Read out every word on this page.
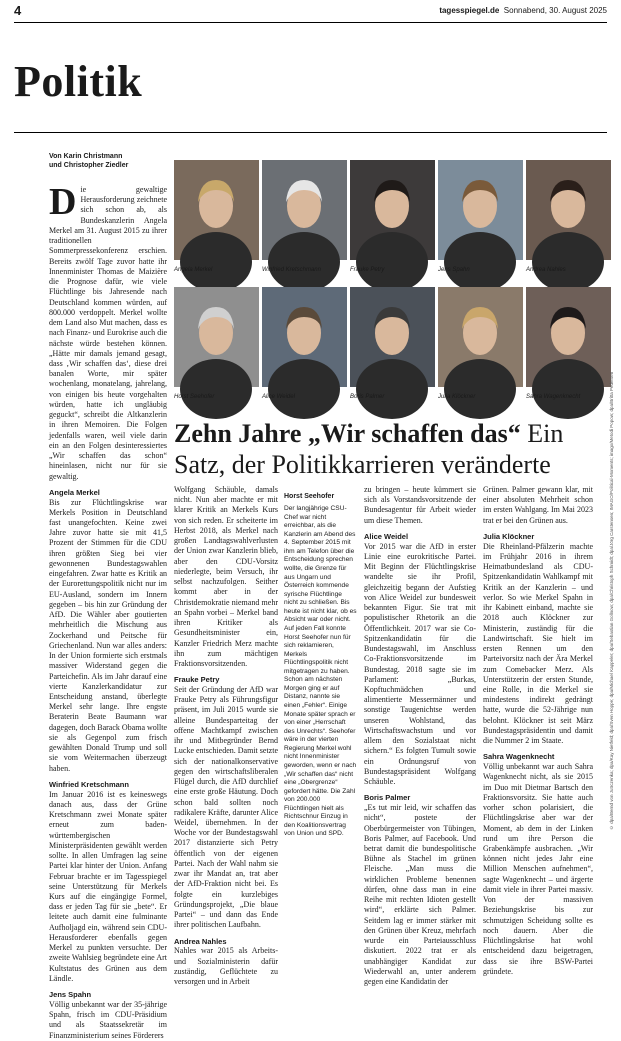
4	tagesspiegel.de Sonnabend, 30. August 2025
Politik
Von Karin Christmann
und Christopher Ziedler

Die gewaltige Herausforderung zeichnete sich schon ab, als Bundeskanzlerin Angela Merkel am 31. August 2015 zu ihrer traditionellen Sommerpressekonferenz erschien. Bereits zwölf Tage zuvor hatte ihr Innenminister Thomas de Maizière die Prognose dafür, wie viele Flüchtlinge bis Jahresende nach Deutschland kommen würden, auf 800.000 verdoppelt. Merkel wollte dem Land also Mut machen, dass es nach Finanz- und Eurokrise auch die nächste würde bestehen können. „Hätte mir damals jemand gesagt, dass ‚Wir schaffen das‘, diese drei banalen Worte, mir später wochenlang, monatelang, jahrelang, von einigen bis heute vorgehalten würden, hatte ich ungläubig geguckt“, schreibt die Altkanzlerin in ihren Memoiren. Die Folgen jedenfalls waren, weil viele darin ein an den Folgen desinteressiertes „Wir schaffen das schon“ hineinlasen, nicht nur für sie gewaltig.

Angela Merkel

Bis zur Flüchtlingskrise war Merkels Position in Deutschland fast unangefochten. Keine zwei Jahre zuvor hatte sie mit 41,5 Prozent der Stimmen für die CDU ihren größten Sieg bei vier gewonnenen Bundestagswahlen eingefahren. Zwar hatte es Kritik an der Eurorettungspolitik nicht nur im EU-Ausland, sondern im Innern gegeben – bis hin zur Gründung der AfD. Die Wähler aber goutierten mehrheitlich die Mischung aus Zockerhand und Peitsche für Griechenland. Nun war alles anders: In der Union formierte sich erstmals massiver Widerstand gegen die Parteichefin. Als im Jahr darauf eine vierte Kanzlerkandidatur zur Entscheidung anstand, überlegte Merkel sehr lange. Ihre engste Beraterin Beate Baumann war dagegen, doch Barack Obama wollte sie als Gegenpol zum frisch gewählten Donald Trump und soll sie vom Weitermachen überzeugt haben.

Winfried Kretschmann

Im Januar 2016 ist es keineswegs danach aus, dass der Grüne Kretschmann zwei Monate später erneut zum baden-württembergischen Ministerpräsidenten gewählt werden sollte. In allen Umfragen lag seine Partei klar hinter der Union. Anfang Februar brachte er im Tagesspiegel seine Unterstützung für Merkels Kurs auf die eingängige Formel, dass er jeden Tag für sie „bete“. Er leitete auch damit eine fulminante Aufholjagd ein, während sein CDU-Herausforderer ebenfalls gegen Merkel zu punkten versuchte. Der zweite Wahlsieg begründete eine Art Kultstatus des Grünen aus dem Ländle.

Jens Spahn

Völlig unbekannt war der 35-jährige Spahn, frisch im CDU-Präsidium und als Staatssekretär im Finanzministerium seines Förderers

Angela Merkel	Winfried Kretschmann	Frauke Petry	Jens Spahn	Andrea Nahles
Horst Seehofer	Alice Weidel	Boris Palmer	Julia Klöckner	Sahra Wagenknecht
Zehn Jahre „Wir schaffen das“ Ein Satz, der Politikkarrieren veränderte

Wolfgang Schäuble, damals nicht. Nun aber machte er mit klarer Kritik an Merkels Kurs von sich reden. Er scheiterte im Herbst 2018, als Merkel nach großen Landtagswahlverlusten der Union zwar Kanzlerin blieb, aber den CDU-Vorsitz niederlegte, beim Versuch, ihr selbst nachzufolgen. Seither kommt aber in der Christdemokratie niemand mehr an Spahn vorbei – Merkel band ihren Kritiker als Gesundheitsminister ein, Kanzler Friedrich Merz machte ihn zum mächtigen Fraktionsvorsitzenden.

Frauke Petry

Seit der Gründung der AfD war Frauke Petry als Führungsfigur präsent, im Juli 2015 wurde sie alleine Bundesparteitag der offene Machtkampf zwischen ihr und Mitbegründer Bernd Lucke entschieden. Damit setzte sich der nationalkonservative gegen den wirtschaftsliberalen Flügel durch, die AfD durchlief eine erste große Häutung. Doch schon bald sollten noch radikalere Kräfte, darunter Alice Weidel, übernehmen. In der Woche vor der Bundestagswahl 2017 distanzierte sich Petry öffentlich von der eigenen Partei. Nach der Wahl nahm sie zwar ihr Mandat an, trat aber der AfD-Fraktion nicht bei. Es folgte ein kurzlebiges Gründungsprojekt, „Die blaue Partei“ – und dann das Ende ihrer politischen Laufbahn.

Andrea Nahles

Nahles war 2015 als Arbeits- und Sozialministerin dafür zuständig, Geflüchtete zu versorgen und in Arbeit

Horst Seehofer
Der langjährige CSU-Chef war nicht erreichbar, als die Kanzlerin am Abend des 4. September 2015 mit ihm am Telefon über die Entscheidung sprechen wollte, die Grenze für aus Ungarn und Österreich kommende syrische Flüchtlinge nicht zu schließen. Bis heute ist nicht klar, ob es Absicht war oder nicht. Auf jeden Fall konnte Horst Seehofer nun für sich reklamieren, Merkels Flüchtlingspolitik nicht mitgetragen zu haben. Schon am nächsten Morgen ging er auf Distanz, nannte sie einen „Fehler“. Einige Monate später sprach er von einer „Herrschaft des Unrechts“. Seehofer wäre in der vierten Regierung Merkel wohl nicht Innenminister geworden, wenn er nach „Wir schaffen das“ nicht eine „Obergrenze“ gefordert hätte. Die Zahl von 200.000 Flüchtlingen hielt als Richtschnur Einzug in den Koalitionsvertrag von Union und SPD.

zu bringen – heute kümmert sie sich als Vorstandsvorsitzende der Bundesagentur für Arbeit wieder um diese Themen.

Alice Weidel

Vor 2015 war die AfD in erster Linie eine eurokritische Partei. Mit Beginn der Flüchtlingskrise wandelte sie ihr Profil, gleichzeitig begann der Aufstieg von Alice Weidel zur bundesweit bekannten Figur. Sie trat mit populistischer Rhetorik an die Öffentlichkeit. 2017 war sie Co-Spitzenkandidatin für die Bundestagswahl, im Anschluss Co-Fraktionsvorsitzende im Bundestag. 2018 sagte sie im Parlament: „Burkas, Kopftuchmädchen und alimentierte Messermänner und sonstige Taugenichtse werden unseren Wohlstand, das Wirtschaftswachstum und vor allem den Sozialstaat nicht sichern.“ Es folgten Tumult sowie ein Ordnungsruf von Bundestagspräsident Wolfgang Schäuble.

Boris Palmer

„Es tut mir leid, wir schaffen das nicht“, postete der Oberbürgermeister von Tübingen, Boris Palmer, auf Facebook. Und betrat damit die bundespolitische Bühne als Stachel im grünen Fleische. „Man muss die wirklichen Probleme benennen dürfen, ohne dass man in eine Reihe mit rechten Idioten gestellt wird“, erklärte sich Palmer. Seitdem lag er immer stärker mit den Grünen über Kreuz, mehrfach wurde ein Parteiausschluss diskutiert. 2022 trat er als unabhängiger Kandidat zur Wiederwahl an, unter anderem gegen eine Kandidatin der

Grünen. Palmer gewann klar, mit einer absoluten Mehrheit schon im ersten Wahlgang. Im Mai 2023 trat er bei den Grünen aus.

Julia Klöckner

Die Rheinland-Pfälzerin machte im Frühjahr 2016 in ihrem Heimatbundesland als CDU-Spitzenkandidatin Wahlkampf mit Kritik an der Kanzlerin – und verlor. So wie Merkel Spahn in ihr Kabinett einband, machte sie 2018 auch Klöckner zur Ministerin, zuständig für die Landwirtschaft. Sie hielt im ersten Rennen um den Parteivorsitz nach der Ära Merkel zum Comebacker Merz. Als Unterstützerin der ersten Stunde, eine Rolle, in die Merkel sie mindestens indirekt gedrängt hatte, wurde die 52-Jährige nun belohnt. Klöckner ist seit März Bundestagspräsidentin und damit die Nummer 2 im Staate.

Sahra Wagenknecht

Völlig unbekannt war auch Sahra Wagenknecht nicht, als sie 2015 im Duo mit Dietmar Bartsch den Fraktionsvorsitz. Sie hatte auch vorher schon polarisiert, die Flüchtlingskrise aber war der Moment, ab dem in der Linken rund um ihre Person die Grabenkämpfe ausbrachen. „Wir können nicht jedes Jahr eine Million Menschen aufnehmen“, sagte Wagenknecht – und ärgerte damit viele in ihrer Partei massiv. Von der massiven Beziehungskrise bis zur schmutzigen Scheidung sollte es noch dauern. Aber die Flüchtlingskrise hat wohl entscheidend dazu beigetragen, dass sie ihre BSW-Partei gründete.

© dpa/Bernd von Jutrczenka; dpa/Kay Nietfeld; dpa/Sven Hoppe; dpa/Michael Kappeler; dpa/Sebastian Gollnow; dpa/Christoph Schmidt; dpa/Jörg Carstensen; IMAGO/Political-Moments; imago/Metodi Popow; dpa/Britta Pedersen
